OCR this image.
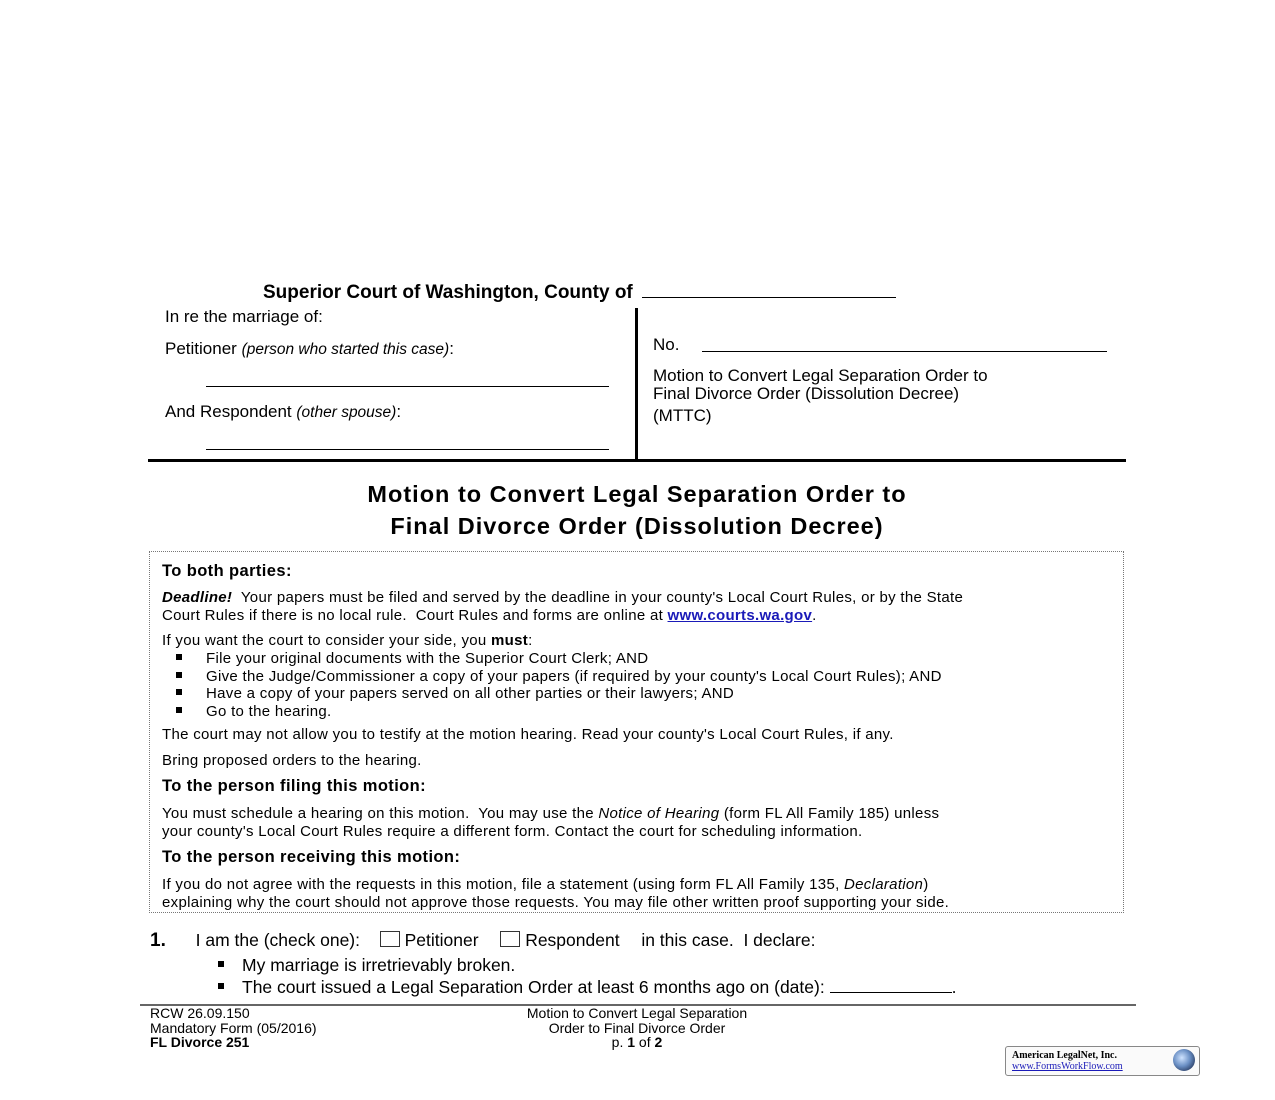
Superior Court of Washington, County of
In re the marriage of:
Petitioner (person who started this case):
And Respondent (other spouse):
No.
Motion to Convert Legal Separation Order to
Final Divorce Order (Dissolution Decree)
(MTTC)
Motion to Convert Legal Separation Order to
Final Divorce Order (Dissolution Decree)
To both parties:
Deadline!  Your papers must be filed and served by the deadline in your county's Local Court Rules, or by the State
Court Rules if there is no local rule.  Court Rules and forms are online at www.courts.wa.gov.
If you want the court to consider your side, you must:
File your original documents with the Superior Court Clerk; AND
Give the Judge/Commissioner a copy of your papers (if required by your county's Local Court Rules); AND
Have a copy of your papers served on all other parties or their lawyers; AND
Go to the hearing.
The court may not allow you to testify at the motion hearing. Read your county's Local Court Rules, if any.
Bring proposed orders to the hearing.
To the person filing this motion:
You must schedule a hearing on this motion.  You may use the Notice of Hearing (form FL All Family 185) unless
your county's Local Court Rules require a different form. Contact the court for scheduling information.
To the person receiving this motion:
If you do not agree with the requests in this motion, file a statement (using form FL All Family 135, Declaration)
explaining why the court should not approve those requests. You may file other written proof supporting your side.
1. I am the (check one):	Petitioner	Respondent in this case.  I declare:
My marriage is irretrievably broken.
The court issued a Legal Separation Order at least 6 months ago on (date):	.
RCW 26.09.150
Mandatory Form (05/2016)
FL Divorce 251
Motion to Convert Legal Separation
Order to Final Divorce Order
p. 1 of 2
American LegalNet, Inc.
www.FormsWorkFlow.com
